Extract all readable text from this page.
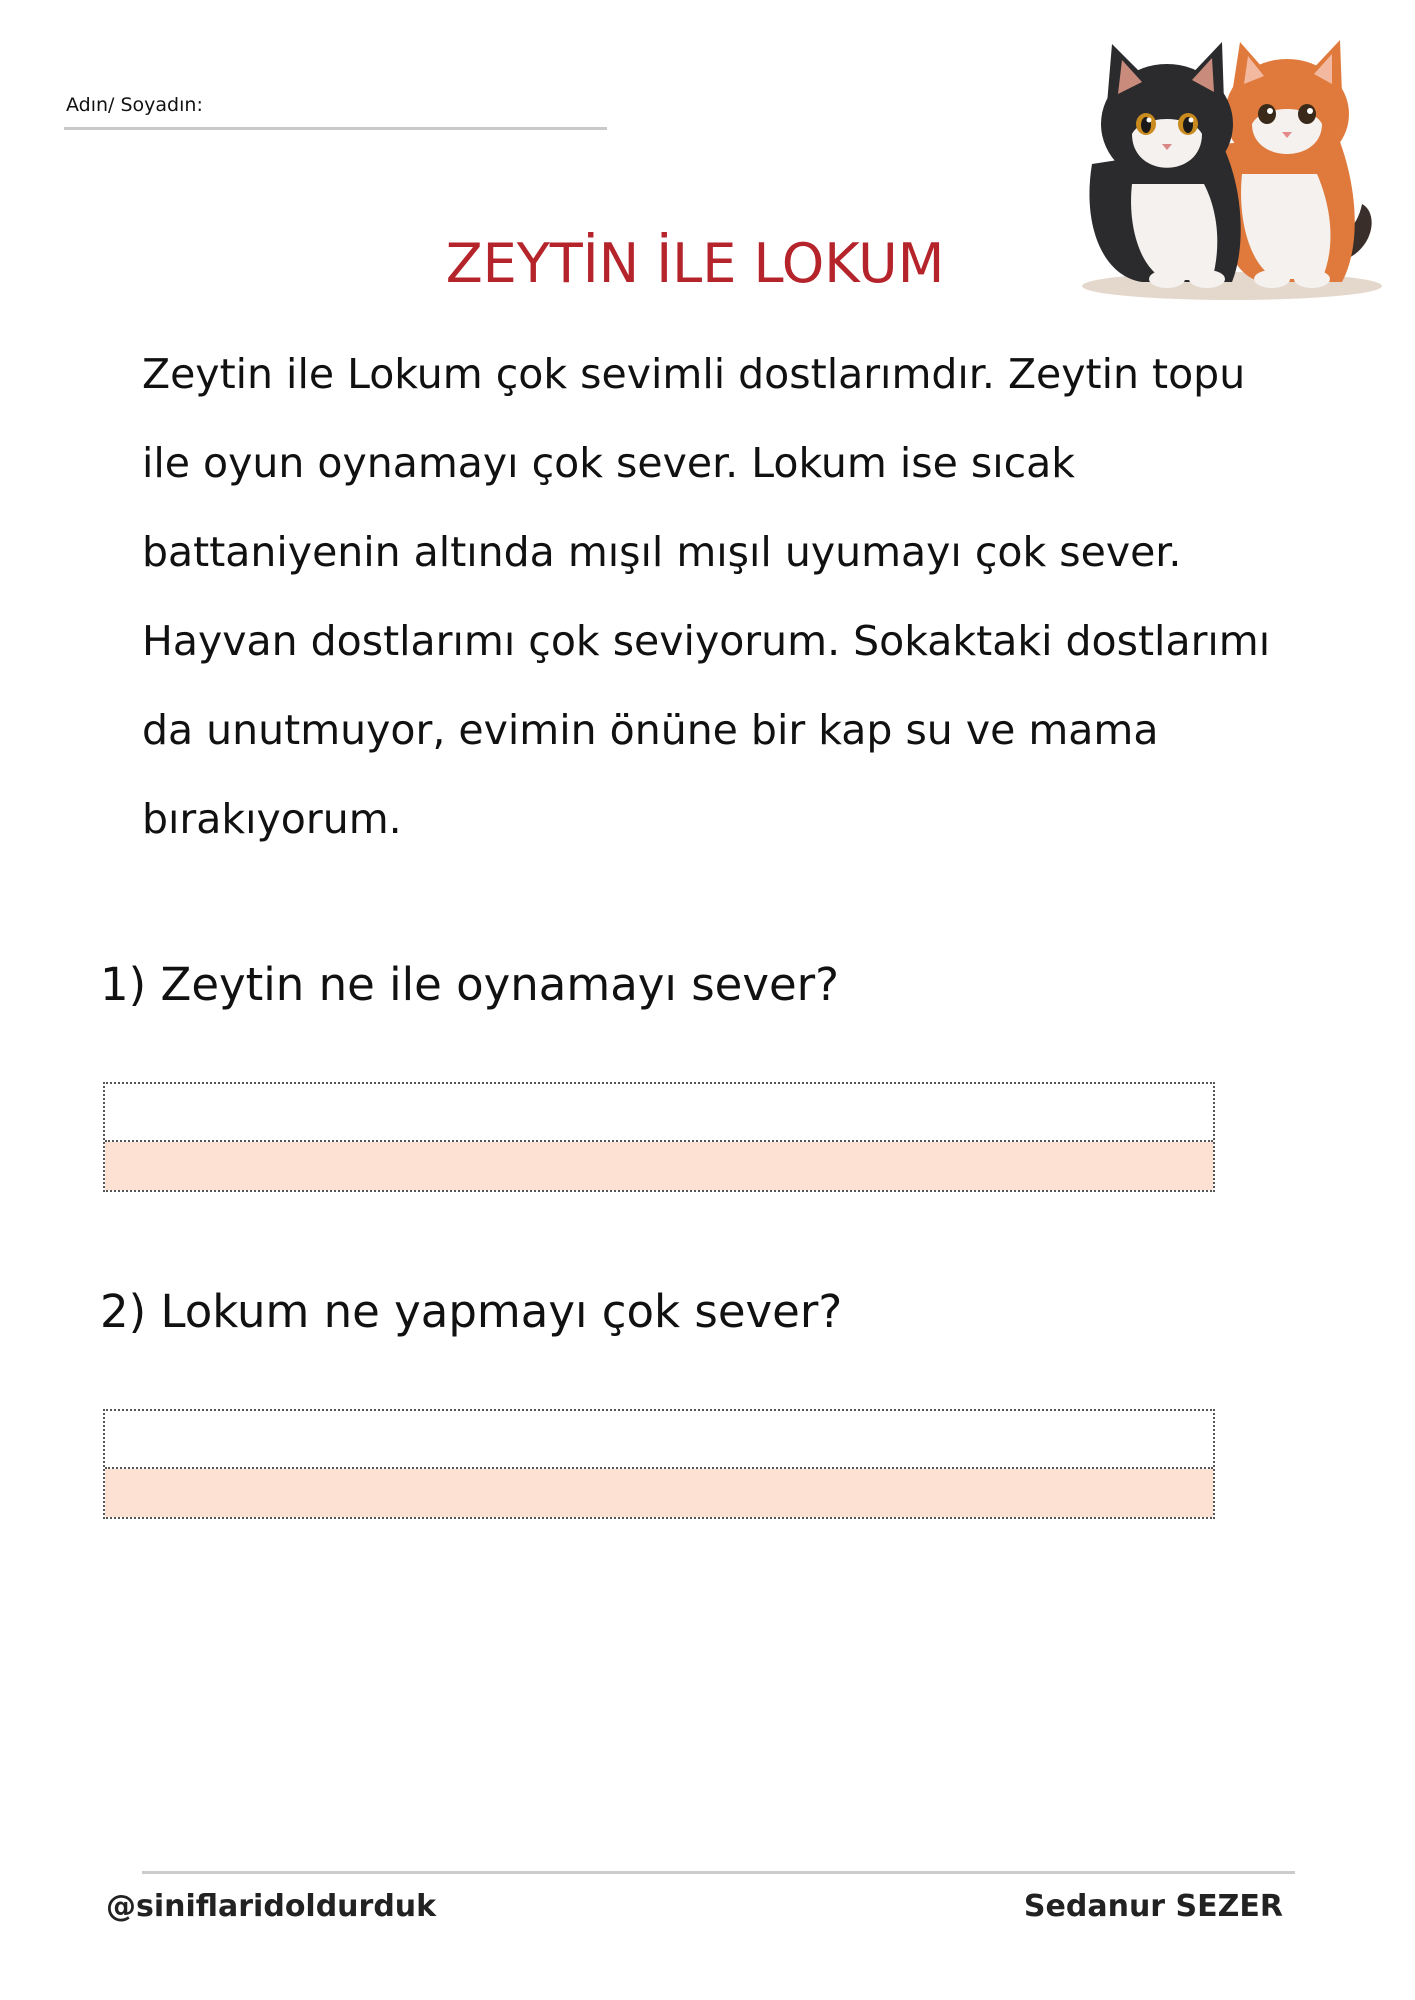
Adın/ Soyadın:
ZEYTİN İLE LOKUM

Zeytin ile Lokum çok sevimli dostlarımdır. Zeytin topu

ile oyun oynamayı çok sever. Lokum ise sıcak

battaniyenin altında mışıl mışıl uyumayı çok sever.

Hayvan dostlarımı çok seviyorum. Sokaktaki dostlarımı

da unutmuyor, evimin önüne bir kap su ve mama

bırakıyorum.

1) Zeytin ne ile oynamayı sever?
2) Lokum ne yapmayı çok sever?
@siniflaridoldurduk	Sedanur SEZER
